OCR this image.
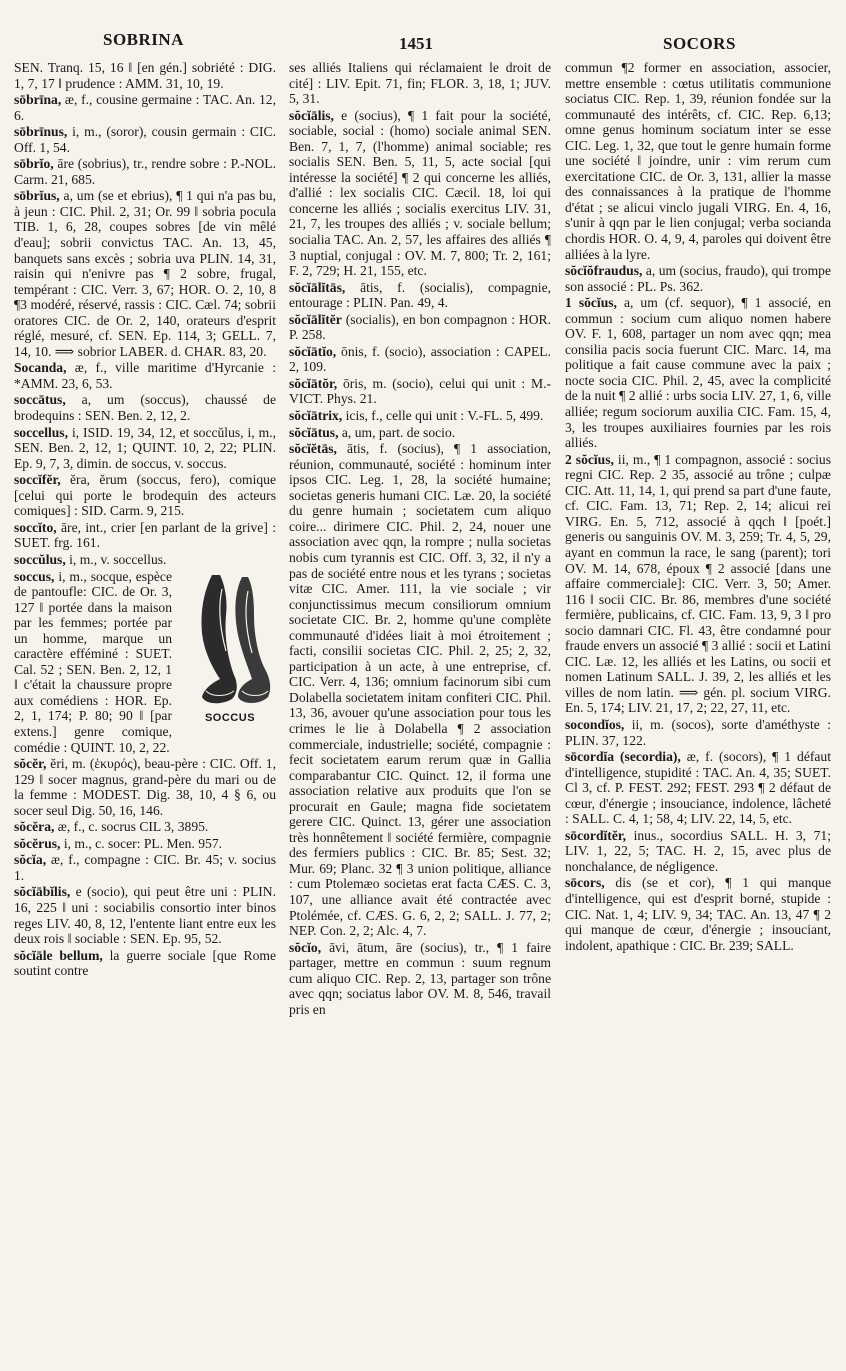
SOBRINA	1451	SOCORS

SEN. Tranq. 15, 16 ‖ [en gén.] sobriété : DIG. 1, 7, 17 ‖ prudence : AMM. 31, 10, 19.

sōbrīna, æ, f., cousine germaine : TAC. An. 12, 6.

sōbrīnus, i, m., (soror), cousin germain : CIC. Off. 1, 54.

sōbrĭo, āre (sobrius), tr., rendre sobre : P.-NOL. Carm. 21, 685.

sōbrĭus, a, um (se et ebrius), ¶ 1 qui n'a pas bu, à jeun : CIC. Phil. 2, 31; Or. 99 ‖ sobria pocula TIB. 1, 6, 28, coupes sobres [de vin mêlé d'eau]; sobrii convictus TAC. An. 13, 45, banquets sans excès ; sobria uva PLIN. 14, 31, raisin qui n'enivre pas ¶ 2 sobre, frugal, tempérant : CIC. Verr. 3, 67; HOR. O. 2, 10, 8 ¶3 modéré, réservé, rassis : CIC. Cæl. 74; sobrii oratores CIC. de Or. 2, 140, orateurs d'esprit réglé, mesuré, cf. SEN. Ep. 114, 3; GELL. 7, 14, 10. ⟹ sobrior LABER. d. CHAR. 83, 20.

Socanda, æ, f., ville maritime d'Hyrcanie : *AMM. 23, 6, 53.

soccātus, a, um (soccus), chaussé de brodequins : SEN. Ben. 2, 12, 2.

soccellus, i, ISID. 19, 34, 12, et soccŭlus, i, m., SEN. Ben. 2, 12, 1; QUINT. 10, 2, 22; PLIN. Ep. 9, 7, 3, dimin. de soccus, v. soccus.

soccĭfĕr, ĕra, ĕrum (soccus, fero), comique [celui qui porte le brodequin des acteurs comiques] : SID. Carm. 9, 215.

soccĭto, āre, int., crier [en parlant de la grive] : SUET. frg. 161.

soccŭlus, i, m., v. soccellus.

SOCCUS

soccus, i, m., socque, espèce de pantoufle: CIC. de Or. 3, 127 ‖ portée dans la maison par les femmes; portée par un homme, marque un caractère efféminé : SUET. Cal. 52 ; SEN. Ben. 2, 12, 1 ‖ c'était la chaussure propre aux comédiens : HOR. Ep. 2, 1, 174; P. 80; 90 ‖ [par extens.] genre comique, comédie : QUINT. 10, 2, 22.

sŏcĕr, ĕri, m. (ἑκυρός), beau-père : CIC. Off. 1, 129 ‖ socer magnus, grand-père du mari ou de la femme : MODEST. Dig. 38, 10, 4 § 6, ou socer seul Dig. 50, 16, 146.

sŏcĕra, æ, f., c. socrus CIL 3, 3895.

sŏcĕrus, i, m., c. socer: PL. Men. 957.

sŏcĭa, æ, f., compagne : CIC. Br. 45; v. socius 1.

sŏcĭābĭlis, e (socio), qui peut être uni : PLIN. 16, 225 ‖ uni : sociabilis consortio inter binos reges LIV. 40, 8, 12, l'entente liant entre eux les deux rois ‖ sociable : SEN. Ep. 95, 52.

sŏcĭāle bellum, la guerre sociale [que Rome soutint contre

ses alliés Italiens qui réclamaient le droit de cité] : LIV. Epit. 71, fin; FLOR. 3, 18, 1; JUV. 5, 31.

sŏcĭālis, e (socius), ¶ 1 fait pour la société, sociable, social : (homo) sociale animal SEN. Ben. 7, 1, 7, (l'homme) animal sociable; res socialis SEN. Ben. 5, 11, 5, acte social [qui intéresse la société] ¶ 2 qui concerne les alliés, d'allié : lex socialis CIC. Cæcil. 18, loi qui concerne les alliés ; socialis exercitus LIV. 31, 21, 7, les troupes des alliés ; v. sociale bellum; socialia TAC. An. 2, 57, les affaires des alliés ¶ 3 nuptial, conjugal : OV. M. 7, 800; Tr. 2, 161; F. 2, 729; H. 21, 155, etc.

sŏcĭālĭtās, ātis, f. (socialis), compagnie, entourage : PLIN. Pan. 49, 4.

sŏcĭālĭtĕr (socialis), en bon compagnon : HOR. P. 258.

sŏcĭātĭo, ōnis, f. (socio), association : CAPEL. 2, 109.

sŏcĭātŏr, ōris, m. (socio), celui qui unit : M.-VICT. Phys. 21.

sŏcĭātrix, icis, f., celle qui unit : V.-FL. 5, 499.

sŏcĭātus, a, um, part. de socio.

sŏcĭĕtās, ātis, f. (socius), ¶ 1 association, réunion, communauté, société : hominum inter ipsos CIC. Leg. 1, 28, la société humaine; societas generis humani CIC. Læ. 20, la société du genre humain ; societatem cum aliquo coire... dirimere CIC. Phil. 2, 24, nouer une association avec qqn, la rompre ; nulla societas nobis cum tyrannis est CIC. Off. 3, 32, il n'y a pas de société entre nous et les tyrans ; societas vitæ CIC. Amer. 111, la vie sociale ; vir conjunctissimus mecum consiliorum omnium societate CIC. Br. 2, homme qu'une complète communauté d'idées liait à moi étroitement ; facti, consilii societas CIC. Phil. 2, 25; 2, 32, participation à un acte, à une entreprise, cf. CIC. Verr. 4, 136; omnium facinorum sibi cum Dolabella societatem initam confiteri CIC. Phil. 13, 36, avouer qu'une association pour tous les crimes le lie à Dolabella ¶ 2 association commerciale, industrielle; société, compagnie : fecit societatem earum rerum quæ in Gallia comparabantur CIC. Quinct. 12, il forma une association relative aux produits que l'on se procurait en Gaule; magna fide societatem gerere CIC. Quinct. 13, gérer une association très honnêtement ‖ société fermière, compagnie des fermiers publics : CIC. Br. 85; Sest. 32; Mur. 69; Planc. 32 ¶ 3 union politique, alliance : cum Ptolemæo societas erat facta CÆS. C. 3, 107, une alliance avait été contractée avec Ptolémée, cf. CÆS. G. 6, 2, 2; SALL. J. 77, 2; NEP. Con. 2, 2; Alc. 4, 7.

sŏcĭo, āvi, ātum, āre (socius), tr., ¶ 1 faire partager, mettre en commun : suum regnum cum aliquo CIC. Rep. 2, 13, partager son trône avec qqn; sociatus labor OV. M. 8, 546, travail pris en

commun ¶2 former en association, associer, mettre ensemble : cœtus utilitatis communione sociatus CIC. Rep. 1, 39, réunion fondée sur la communauté des intérêts, cf. CIC. Rep. 6,13; omne genus hominum sociatum inter se esse CIC. Leg. 1, 32, que tout le genre humain forme une société ‖ joindre, unir : vim rerum cum exercitatione CIC. de Or. 3, 131, allier la masse des connaissances à la pratique de l'homme d'état ; se alicui vinclo jugali VIRG. En. 4, 16, s'unir à qqn par le lien conjugal; verba socianda chordis HOR. O. 4, 9, 4, paroles qui doivent être alliées à la lyre.

sŏcĭŏfraudus, a, um (socius, fraudo), qui trompe son associé : PL. Ps. 362.

1 sŏcĭus, a, um (cf. sequor), ¶ 1 associé, en commun : socium cum aliquo nomen habere OV. F. 1, 608, partager un nom avec qqn; mea consilia pacis socia fuerunt CIC. Marc. 14, ma politique a fait cause commune avec la paix ; nocte socia CIC. Phil. 2, 45, avec la complicité de la nuit ¶ 2 allié : urbs socia LIV. 27, 1, 6, ville alliée; regum sociorum auxilia CIC. Fam. 15, 4, 3, les troupes auxiliaires fournies par les rois alliés.

2 sŏcĭus, ii, m., ¶ 1 compagnon, associé : socius regni CIC. Rep. 2 35, associé au trône ; culpæ CIC. Att. 11, 14, 1, qui prend sa part d'une faute, cf. CIC. Fam. 13, 71; Rep. 2, 14; alicui rei VIRG. En. 5, 712, associé à qqch ‖ [poét.] generis ou sanguinis OV. M. 3, 259; Tr. 4, 5, 29, ayant en commun la race, le sang (parent); tori OV. M. 14, 678, époux ¶ 2 associé [dans une affaire commerciale]: CIC. Verr. 3, 50; Amer. 116 ‖ socii CIC. Br. 86, membres d'une société fermière, publicains, cf. CIC. Fam. 13, 9, 3 ‖ pro socio damnari CIC. Fl. 43, être condamné pour fraude envers un associé ¶ 3 allié : socii et Latini CIC. Læ. 12, les alliés et les Latins, ou socii et nomen Latinum SALL. J. 39, 2, les alliés et les villes de nom latin. ⟹ gén. pl. socium VIRG. En. 5, 174; LIV. 21, 17, 2; 22, 27, 11, etc.

socondĭos, ii, m. (socos), sorte d'améthyste : PLIN. 37, 122.

sōcordĭa (secordia), æ, f. (socors), ¶ 1 défaut d'intelligence, stupidité : TAC. An. 4, 35; SUET. Cl 3, cf. P. FEST. 292; FEST. 293 ¶ 2 défaut de cœur, d'énergie ; insouciance, indolence, lâcheté : SALL. C. 4, 1; 58, 4; LIV. 22, 14, 5, etc.

sōcordĭtĕr, inus., socordius SALL. H. 3, 71; LIV. 1, 22, 5; TAC. H. 2, 15, avec plus de nonchalance, de négligence.

sōcors, dis (se et cor), ¶ 1 qui manque d'intelligence, qui est d'esprit borné, stupide : CIC. Nat. 1, 4; LIV. 9, 34; TAC. An. 13, 47 ¶ 2 qui manque de cœur, d'énergie ; insouciant, indolent, apathique : CIC. Br. 239; SALL.
